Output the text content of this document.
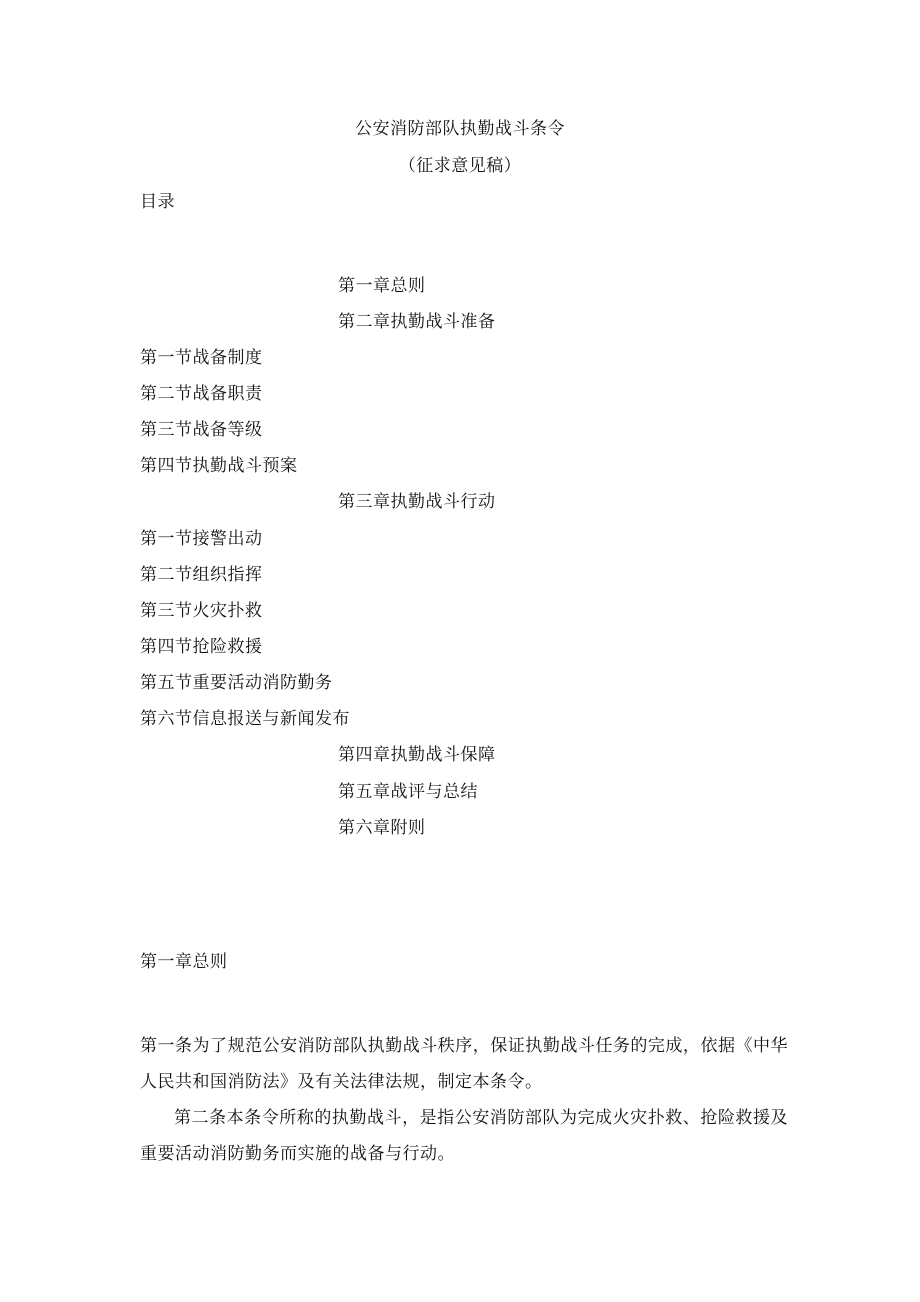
公安消防部队执勤战斗条令
（征求意见稿）
目录
第一章总则
第二章执勤战斗准备
第一节战备制度
第二节战备职责
第三节战备等级
第四节执勤战斗预案
第三章执勤战斗行动
第一节接警出动
第二节组织指挥
第三节火灾扑救
第四节抢险救援
第五节重要活动消防勤务
第六节信息报送与新闻发布
第四章执勤战斗保障
第五章战评与总结
第六章附则
第一章总则
第一条为了规范公安消防部队执勤战斗秩序，保证执勤战斗任务的完成，依据《中华人民共和国消防法》及有关法律法规，制定本条令。
第二条本条令所称的执勤战斗，是指公安消防部队为完成火灾扑救、抢险救援及重要活动消防勤务而实施的战备与行动。
